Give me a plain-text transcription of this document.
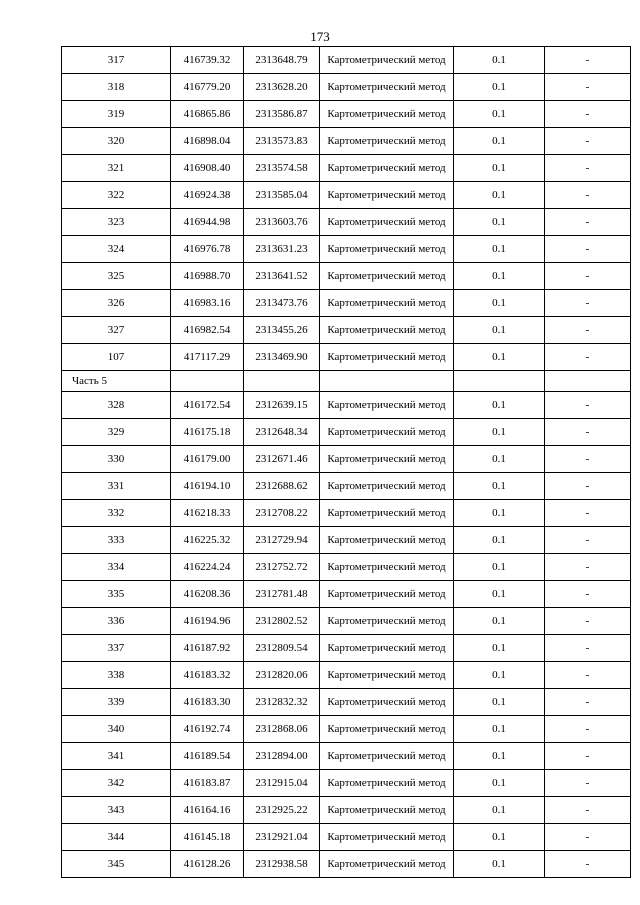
173
317	416739.32	2313648.79	Картометрический метод	0.1	-
318	416779.20	2313628.20	Картометрический метод	0.1	-
319	416865.86	2313586.87	Картометрический метод	0.1	-
320	416898.04	2313573.83	Картометрический метод	0.1	-
321	416908.40	2313574.58	Картометрический метод	0.1	-
322	416924.38	2313585.04	Картометрический метод	0.1	-
323	416944.98	2313603.76	Картометрический метод	0.1	-
324	416976.78	2313631.23	Картометрический метод	0.1	-
325	416988.70	2313641.52	Картометрический метод	0.1	-
326	416983.16	2313473.76	Картометрический метод	0.1	-
327	416982.54	2313455.26	Картометрический метод	0.1	-
107	417117.29	2313469.90	Картометрический метод	0.1	-
Часть 5					
328	416172.54	2312639.15	Картометрический метод	0.1	-
329	416175.18	2312648.34	Картометрический метод	0.1	-
330	416179.00	2312671.46	Картометрический метод	0.1	-
331	416194.10	2312688.62	Картометрический метод	0.1	-
332	416218.33	2312708.22	Картометрический метод	0.1	-
333	416225.32	2312729.94	Картометрический метод	0.1	-
334	416224.24	2312752.72	Картометрический метод	0.1	-
335	416208.36	2312781.48	Картометрический метод	0.1	-
336	416194.96	2312802.52	Картометрический метод	0.1	-
337	416187.92	2312809.54	Картометрический метод	0.1	-
338	416183.32	2312820.06	Картометрический метод	0.1	-
339	416183.30	2312832.32	Картометрический метод	0.1	-
340	416192.74	2312868.06	Картометрический метод	0.1	-
341	416189.54	2312894.00	Картометрический метод	0.1	-
342	416183.87	2312915.04	Картометрический метод	0.1	-
343	416164.16	2312925.22	Картометрический метод	0.1	-
344	416145.18	2312921.04	Картометрический метод	0.1	-
345	416128.26	2312938.58	Картометрический метод	0.1	-
